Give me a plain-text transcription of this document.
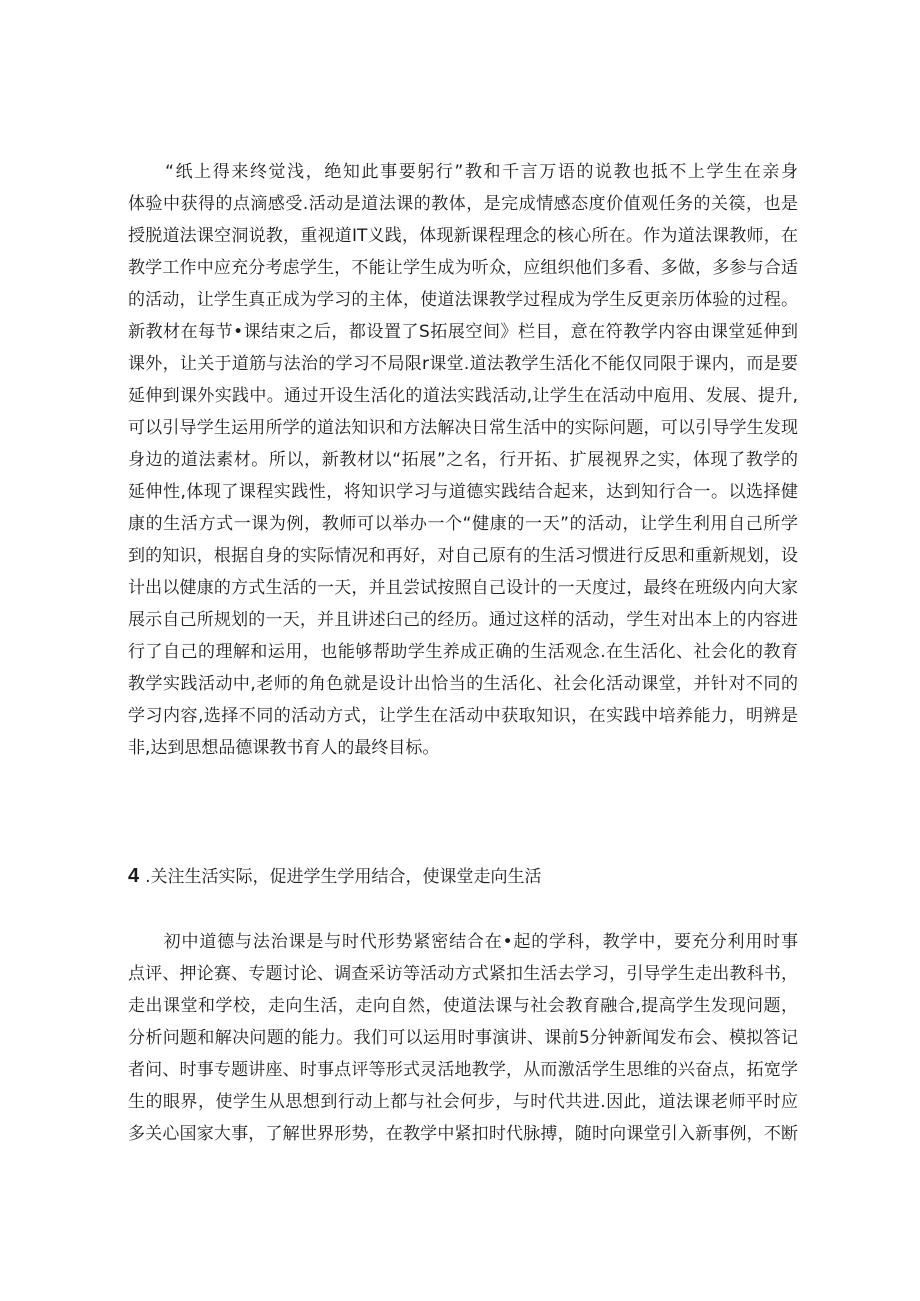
　　“纸上得来终觉浅，绝知此事要躬行”教和千言万语的说教也抵不上学生在亲身
体验中获得的点滴感受.活动是道法课的教体，是完成情感态度价值观任务的关篌，也是
授脱道法课空洞说教，重视道IT义践，体现新课程理念的核心所在。作为道法课教师，在
教学工作中应充分考虑学生，不能让学生成为听众，应组织他们多看、多做，多参与合适
的活动，让学生真正成为学习的主体，使道法课教学过程成为学生反更亲历体验的过程。
新教材在每节•课结束之后，都设置了S拓展空间》栏目，意在符教学内容由课堂延伸到
课外，让关于道筋与法治的学习不局限r课堂.道法教学生活化不能仅同限于课内，而是要
延伸到课外实践中。通过开设生活化的道法实践活动,让学生在活动中庖用、发展、提升,
可以引导学生运用所学的道法知识和方法解决日常生活中的实际问题，可以引导学生发现
身边的道法素材。所以，新教材以“拓展”之名，行开拓、扩展视界之实，体现了教学的
延伸性,体现了课程实践性，将知识学习与道德实践结合起来，达到知行合一。以选择健
康的生活方式一课为例，教师可以举办一个“健康的一天”的活动，让学生利用自己所学
到的知识，根据自身的实际情况和再好，对自己原有的生活习惯进行反思和重新规划，设
计出以健康的方式生活的一天，并且尝试按照自己设计的一天度过，最终在班级内向大家
展示自己所规划的一天，并且讲述臼己的经历。通过这样的活动，学生对出本上的内容进
行了自己的理解和运用，也能够帮助学生养成正确的生活观念.在生活化、社会化的教育
教学实践活动中,老师的角色就是设计出恰当的生活化、社会化活动课堂，并针对不同的
学习内容,选择不同的活动方式，让学生在活动中获取知识，在实践中培养能力，明辨是
非,达到思想品德课教书育人的最终目标。
4 .关注生活实际，促进学生学用结合，使课堂走向生活
　　初中道德与法治课是与时代形势紧密结合在•起的学科，教学中，要充分利用时事
点评、押论赛、专题讨论、调查采访等活动方式紧扣生活去学习，引导学生走出教科书，
走出课堂和学校，走向生活，走向自然，使道法课与社会教育融合,提高学生发现问题，
分析问题和解决问题的能力。我们可以运用时事演讲、课前5分钟新闻发布会、模拟答记
者问、时事专题讲座、时事点评等形式灵活地教学，从而激活学生思维的兴奋点，拓宽学
生的眼界，使学生从思想到行动上都与社会何步，与时代共进.因此，道法课老师平时应
多关心国家大事，了解世界形势，在教学中紧扣时代脉搏，随时向课堂引入新事例，不断
